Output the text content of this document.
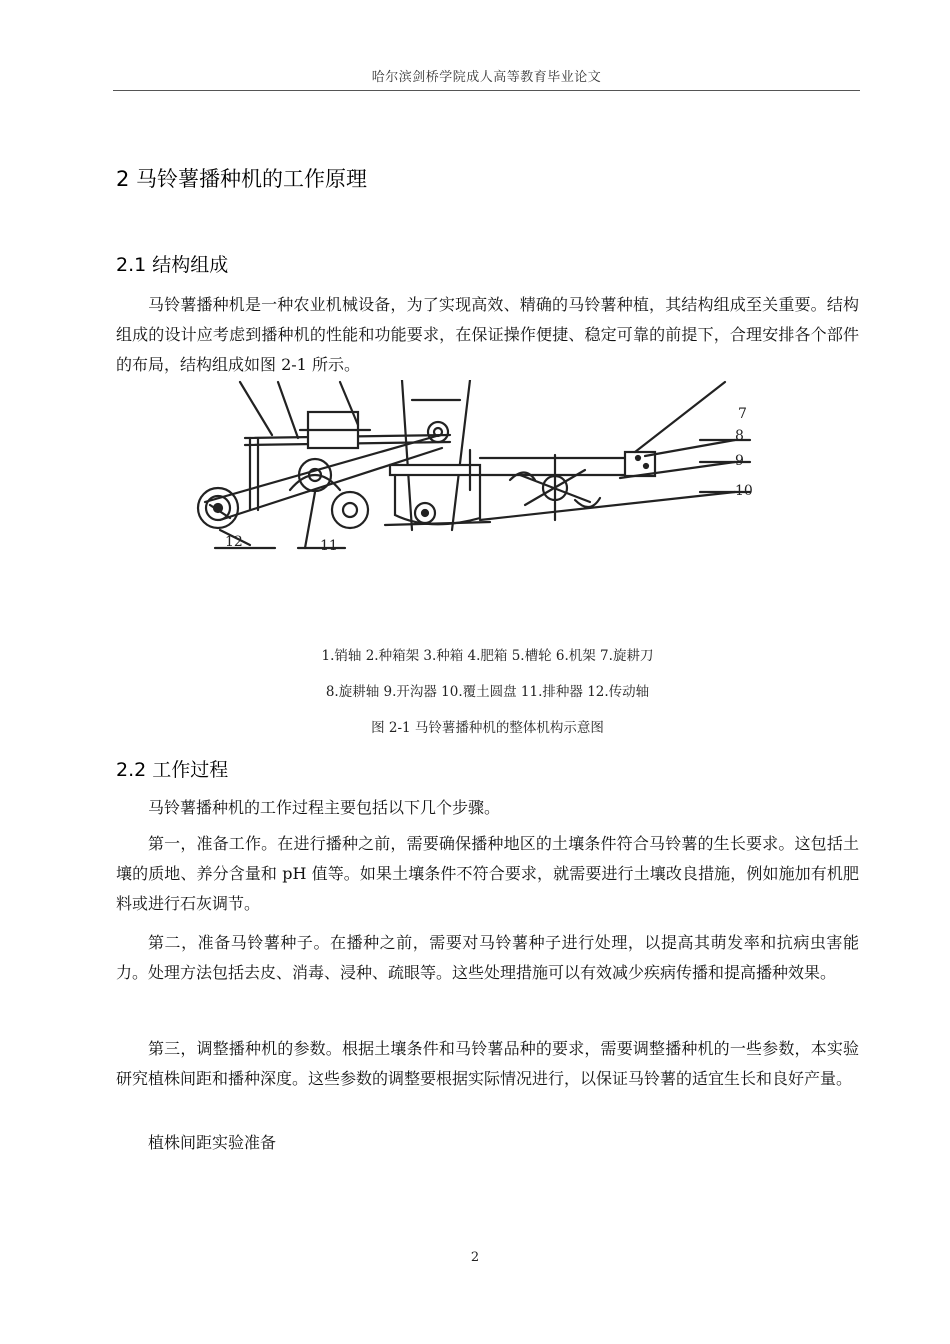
哈尔滨剑桥学院成人高等教育毕业论文
2 马铃薯播种机的工作原理
2.1 结构组成

马铃薯播种机是一种农业机械设备，为了实现高效、精确的马铃薯种植，其结构组成至关重要。结构组成的设计应考虑到播种机的性能和功能要求，在保证操作便捷、稳定可靠的前提下，合理安排各个部件的布局，结构组成如图 2-1 所示。

7
8
9
10
11
12
1.销轴 2.种箱架 3.种箱 4.肥箱 5.槽轮 6.机架 7.旋耕刀
8.旋耕轴 9.开沟器 10.覆土圆盘 11.排种器 12.传动轴
图 2-1 马铃薯播种机的整体机构示意图
2.2 工作过程

马铃薯播种机的工作过程主要包括以下几个步骤。

第一，准备工作。在进行播种之前，需要确保播种地区的土壤条件符合马铃薯的生长要求。这包括土壤的质地、养分含量和 pH 值等。如果土壤条件不符合要求，就需要进行土壤改良措施，例如施加有机肥料或进行石灰调节。

第二，准备马铃薯种子。在播种之前，需要对马铃薯种子进行处理，以提高其萌发率和抗病虫害能力。处理方法包括去皮、消毒、浸种、疏眼等。这些处理措施可以有效减少疾病传播和提高播种效果。

第三，调整播种机的参数。根据土壤条件和马铃薯品种的要求，需要调整播种机的一些参数，本实验研究植株间距和播种深度。这些参数的调整要根据实际情况进行，以保证马铃薯的适宜生长和良好产量。

植株间距实验准备

2
